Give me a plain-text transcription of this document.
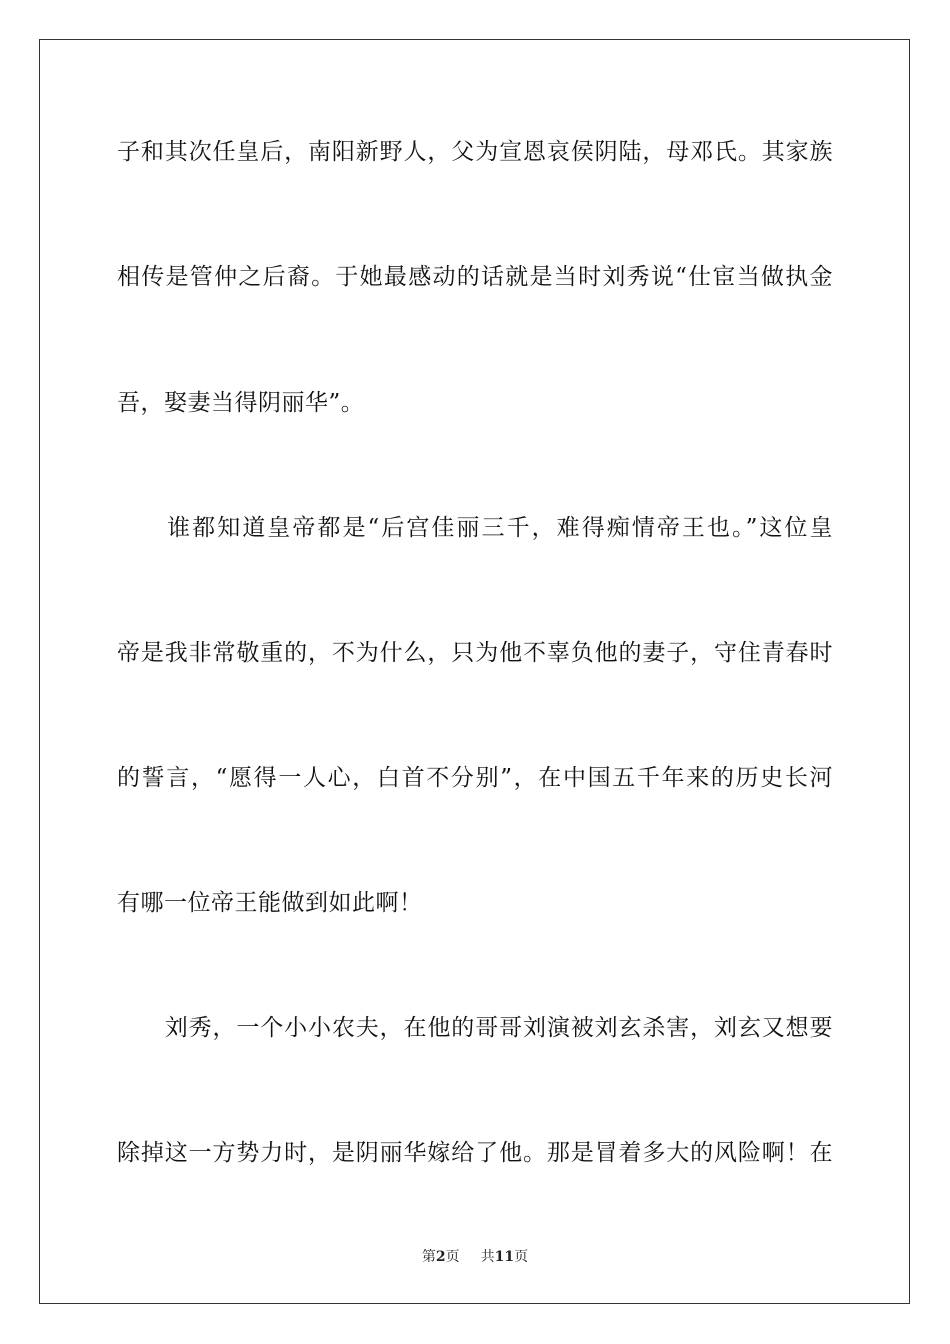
子和其次任皇后，南阳新野人，父为宣恩哀侯阴陆，母邓氏。其家族
相传是管仲之后裔。于她最感动的话就是当时刘秀说“仕宦当做执金
吾，娶妻当得阴丽华”。
　　谁都知道皇帝都是“后宫佳丽三千，难得痴情帝王也。”这位皇
帝是我非常敬重的，不为什么，只为他不辜负他的妻子，守住青春时
的誓言，“愿得一人心，白首不分别”，在中国五千年来的历史长河
有哪一位帝王能做到如此啊！
　　刘秀，一个小小农夫，在他的哥哥刘演被刘玄杀害，刘玄又想要
除掉这一方势力时，是阴丽华嫁给了他。那是冒着多大的风险啊！在
第2页 共11页
